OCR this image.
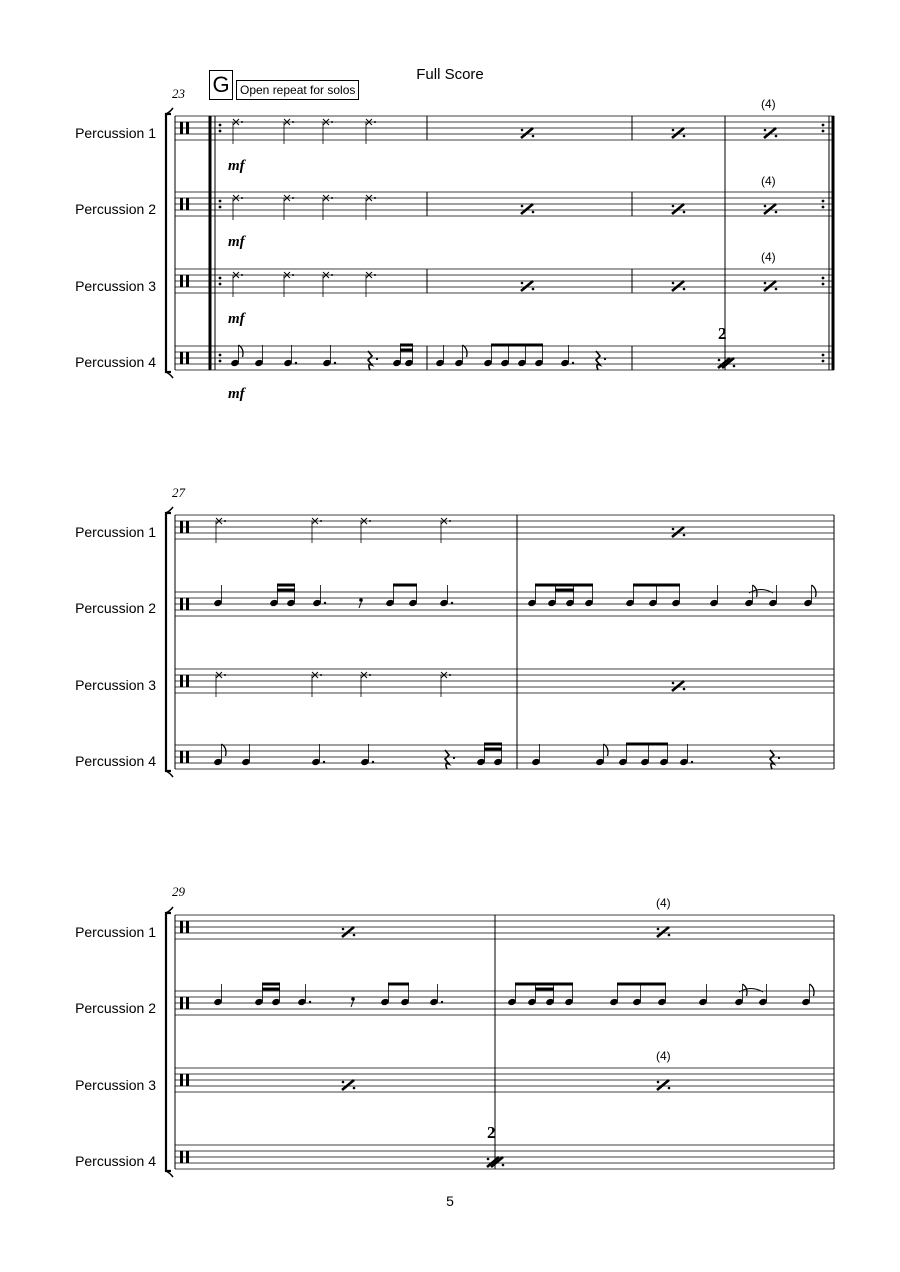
Full Score
23 G Open repeat for solos
Percussion 1
Percussion 2
Percussion 3
Percussion 4
(4)
(4)
(4)
mf
mf
mf
mf
2
27
Percussion 1
Percussion 2
Percussion 3
Percussion 4
29
Percussion 1
Percussion 2
Percussion 3
Percussion 4
(4)
(4)
2
5
